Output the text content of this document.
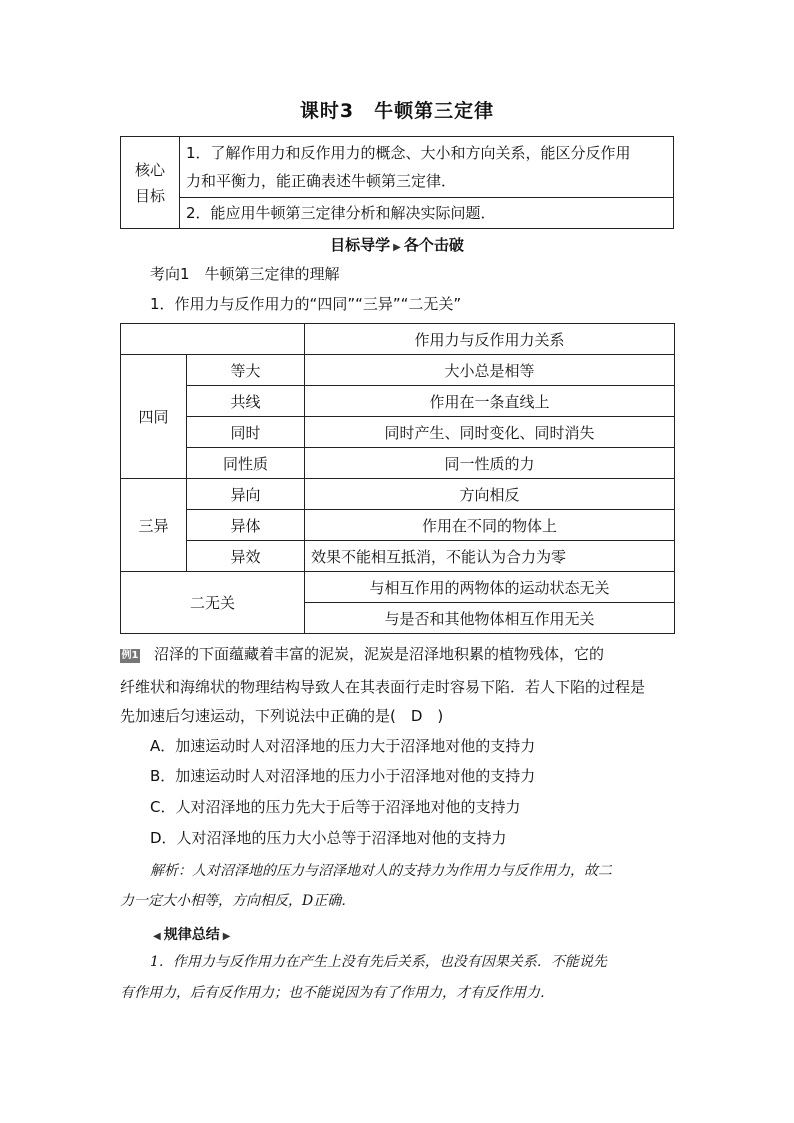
课时3　牛顿第三定律
核心
目标

1．了解作用力和反作用力的概念、大小和方向关系，能区分反作用
力和平衡力，能正确表述牛顿第三定律．

2．能应用牛顿第三定律分析和解决实际问题．
目标导学 ▶ 各个击破
考向1　牛顿第三定律的理解
1．作用力与反作用力的“四同”“三异”“二无关”
		作用力与反作用力关系
四同	等大	大小总是相等
	共线	作用在一条直线上
	同时	同时产生、同时变化、同时消失
	同性质	同一性质的力
三异	异向	方向相反
	异体	作用在不同的物体上
	异效	效果不能相互抵消，不能认为合力为零
二无关		与相互作用的两物体的运动状态无关
		与是否和其他物体相互作用无关
例1 沼泽的下面蕴藏着丰富的泥炭，泥炭是沼泽地积累的植物残体，它的
纤维状和海绵状的物理结构导致人在其表面行走时容易下陷．若人下陷的过程是
先加速后匀速运动，下列说法中正确的是(　D　)
A．加速运动时人对沼泽地的压力大于沼泽地对他的支持力
B．加速运动时人对沼泽地的压力小于沼泽地对他的支持力
C．人对沼泽地的压力先大于后等于沼泽地对他的支持力
D．人对沼泽地的压力大小总等于沼泽地对他的支持力
解析：人对沼泽地的压力与沼泽地对人的支持力为作用力与反作用力，故二
力一定大小相等，方向相反，D正确．
◀ 规律总结 ▶
1．作用力与反作用力在产生上没有先后关系，也没有因果关系．不能说先
有作用力，后有反作用力；也不能说因为有了作用力，才有反作用力．
